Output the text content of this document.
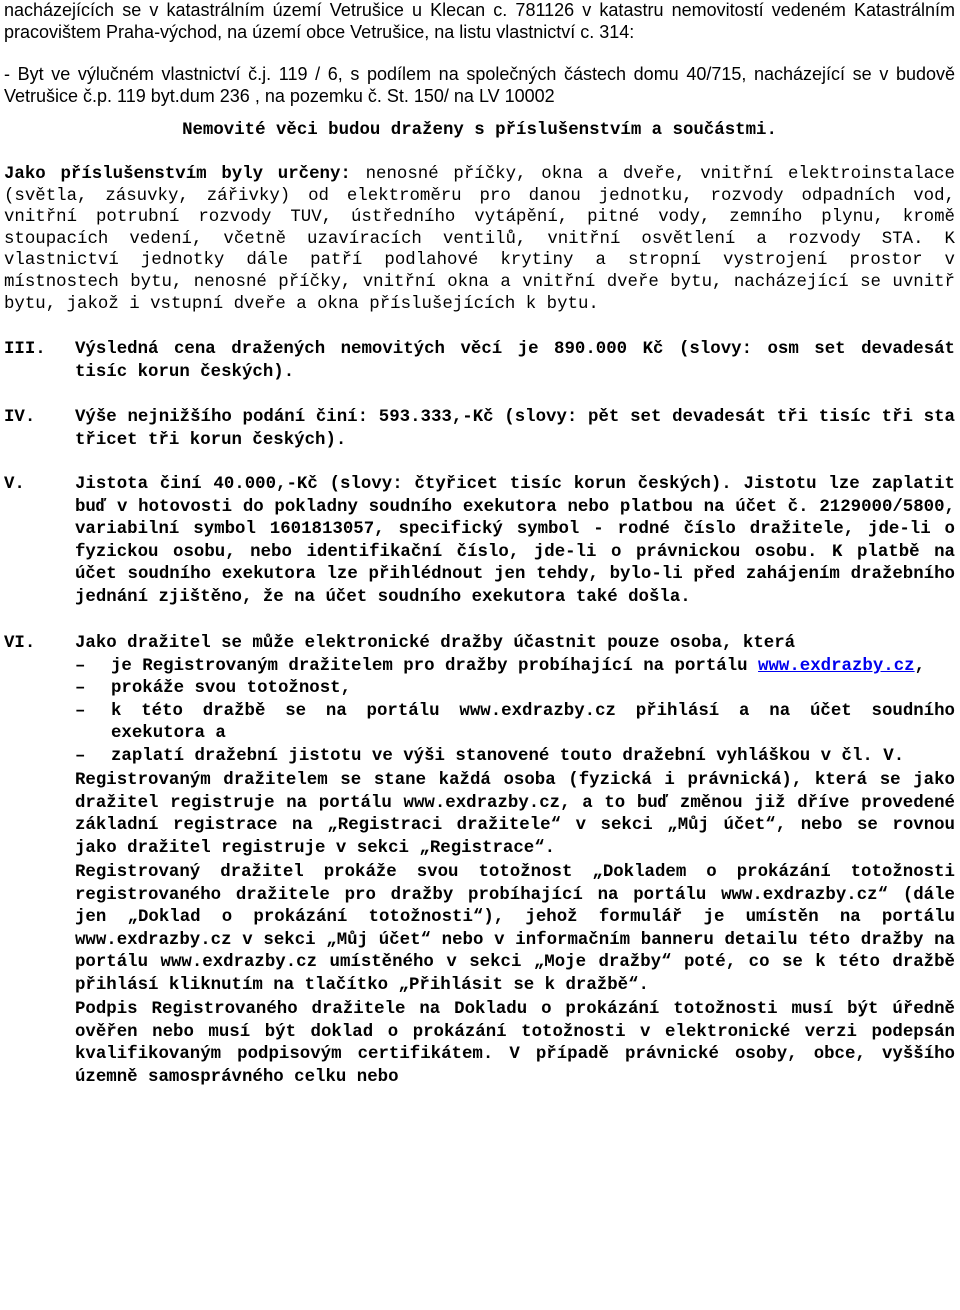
nacházejících se v katastrálním území Vetrušice u Klecan c. 781126 v katastru nemovitostí vedeném Katastrálním pracovištem Praha-východ, na území obce Vetrušice, na listu vlastnictví c. 314:

- Byt ve výlučném vlastnictví č.j. 119 / 6, s podílem na společných částech domu 40/715, nacházející se v budově Vetrušice č.p. 119 byt.dum 236 , na pozemku č. St. 150/ na LV 10002

Nemovité věci budou draženy s příslušenstvím a součástmi.

Jako příslušenstvím byly určeny: nenosné příčky, okna a dveře, vnitřní elektroinstalace (světla, zásuvky, zářivky) od elektroměru pro danou jednotku, rozvody odpadních vod, vnitřní potrubní rozvody TUV, ústředního vytápění, pitné vody, zemního plynu, kromě stoupacích vedení, včetně uzavíracích ventilů, vnitřní osvětlení a rozvody STA. K vlastnictví jednotky dále patří podlahové krytiny a stropní vystrojení prostor v místnostech bytu, nenosné příčky, vnitřní okna a vnitřní dveře bytu, nacházející se uvnitř bytu, jakož i vstupní dveře a okna příslušejících k bytu.

III. Výsledná cena dražených nemovitých věcí je 890.000 Kč (slovy: osm set devadesát tisíc korun českých).

IV. Výše nejnižšího podání činí: 593.333,-Kč (slovy: pět set devadesát tři tisíc tři sta třicet tři korun českých).

V.	Jistota činí 40.000,-Kč (slovy: čtyřicet tisíc korun českých). Jistotu lze zaplatit buď v hotovosti do pokladny soudního exekutora nebo platbou na účet č. 2129000/5800, variabilní symbol 1601813057, specifický symbol - rodné číslo dražitele, jde-li o fyzickou osobu, nebo identifikační číslo, jde-li o právnickou osobu. K platbě na účet soudního exekutora lze přihlédnout jen tehdy, bylo-li před zahájením dražebního jednání zjištěno, že na účet soudního exekutora také došla.

VI. Jako dražitel se může elektronické dražby účastnit pouze osoba, která

– je Registrovaným dražitelem pro dražby probíhající na portálu www.exdrazby.cz,

– prokáže svou totožnost,

– k této dražbě se na portálu www.exdrazby.cz přihlásí a na účet soudního exekutora a

– zaplatí dražební jistotu ve výši stanovené touto dražební vyhláškou v čl. V.

Registrovaným dražitelem se stane každá osoba (fyzická i právnická), která se jako dražitel registruje na portálu www.exdrazby.cz, a to buď změnou již dříve provedené základní registrace na „Registraci dražitele“ v sekci „Můj účet“, nebo se rovnou jako dražitel registruje v sekci „Registrace“.

Registrovaný dražitel prokáže svou totožnost „Dokladem o prokázání totožnosti registrovaného dražitele pro dražby probíhající na portálu www.exdrazby.cz“ (dále jen „Doklad o prokázání totožnosti“), jehož formulář je umístěn na portálu www.exdrazby.cz v sekci „Můj účet“ nebo v informačním banneru detailu této dražby na portálu www.exdrazby.cz umístěného v sekci „Moje dražby“ poté, co se k této dražbě přihlásí kliknutím na tlačítko „Přihlásit se k dražbě“.

Podpis Registrovaného dražitele na Dokladu o prokázání totožnosti musí být úředně ověřen nebo musí být doklad o prokázání totožnosti v elektronické verzi podepsán kvalifikovaným podpisovým certifikátem. V případě právnické osoby, obce, vyššího územně samosprávného celku nebo
